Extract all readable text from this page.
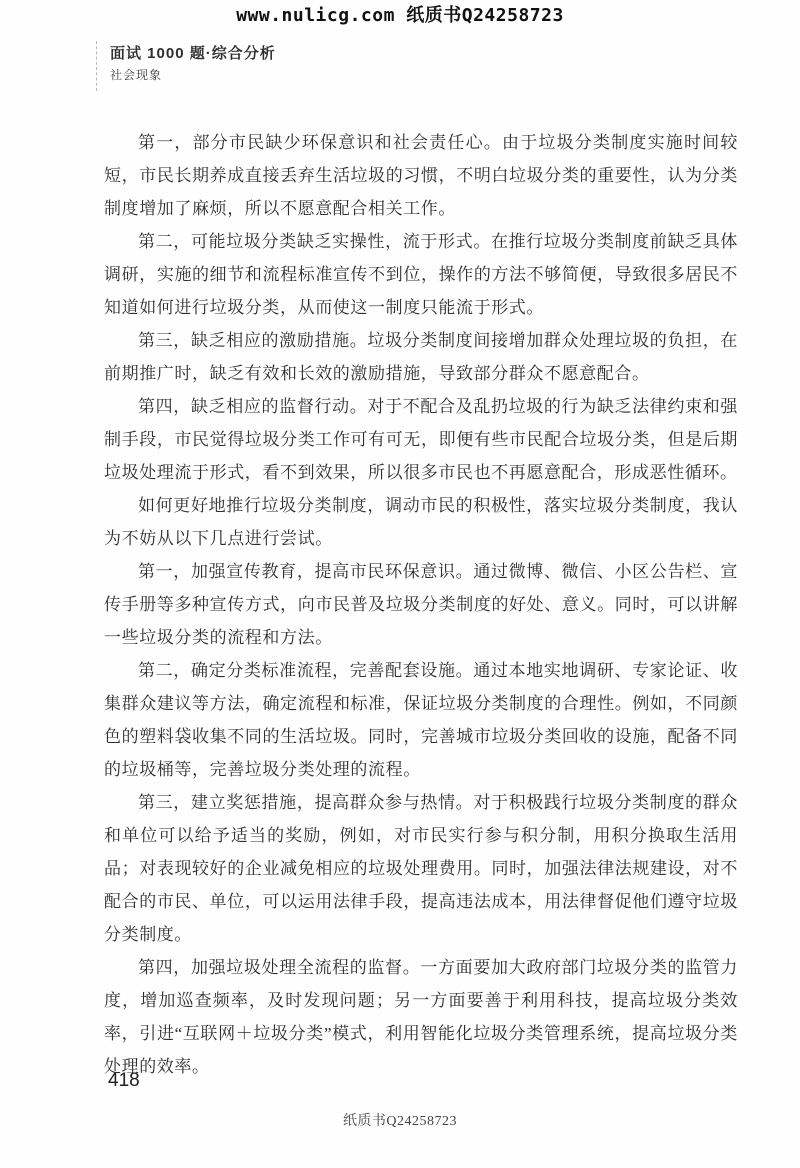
www.nulicg.com 纸质书Q24258723
面试 1000 题·综合分析
社会现象

第一，部分市民缺少环保意识和社会责任心。由于垃圾分类制度实施时间较短，市民长期养成直接丢弃生活垃圾的习惯，不明白垃圾分类的重要性，认为分类制度增加了麻烦，所以不愿意配合相关工作。

第二，可能垃圾分类缺乏实操性，流于形式。在推行垃圾分类制度前缺乏具体调研，实施的细节和流程标准宣传不到位，操作的方法不够简便，导致很多居民不知道如何进行垃圾分类，从而使这一制度只能流于形式。

第三，缺乏相应的激励措施。垃圾分类制度间接增加群众处理垃圾的负担，在前期推广时，缺乏有效和长效的激励措施，导致部分群众不愿意配合。

第四，缺乏相应的监督行动。对于不配合及乱扔垃圾的行为缺乏法律约束和强制手段，市民觉得垃圾分类工作可有可无，即便有些市民配合垃圾分类，但是后期垃圾处理流于形式，看不到效果，所以很多市民也不再愿意配合，形成恶性循环。

如何更好地推行垃圾分类制度，调动市民的积极性，落实垃圾分类制度，我认为不妨从以下几点进行尝试。

第一，加强宣传教育，提高市民环保意识。通过微博、微信、小区公告栏、宣传手册等多种宣传方式，向市民普及垃圾分类制度的好处、意义。同时，可以讲解一些垃圾分类的流程和方法。

第二，确定分类标准流程，完善配套设施。通过本地实地调研、专家论证、收集群众建议等方法，确定流程和标准，保证垃圾分类制度的合理性。例如，不同颜色的塑料袋收集不同的生活垃圾。同时，完善城市垃圾分类回收的设施，配备不同的垃圾桶等，完善垃圾分类处理的流程。

第三，建立奖惩措施，提高群众参与热情。对于积极践行垃圾分类制度的群众和单位可以给予适当的奖励，例如，对市民实行参与积分制，用积分换取生活用品；对表现较好的企业减免相应的垃圾处理费用。同时，加强法律法规建设，对不配合的市民、单位，可以运用法律手段，提高违法成本，用法律督促他们遵守垃圾分类制度。

第四，加强垃圾处理全流程的监督。一方面要加大政府部门垃圾分类的监管力度，增加巡查频率，及时发现问题；另一方面要善于利用科技，提高垃圾分类效率，引进“互联网＋垃圾分类”模式，利用智能化垃圾分类管理系统，提高垃圾分类处理的效率。

418
纸质书Q24258723
